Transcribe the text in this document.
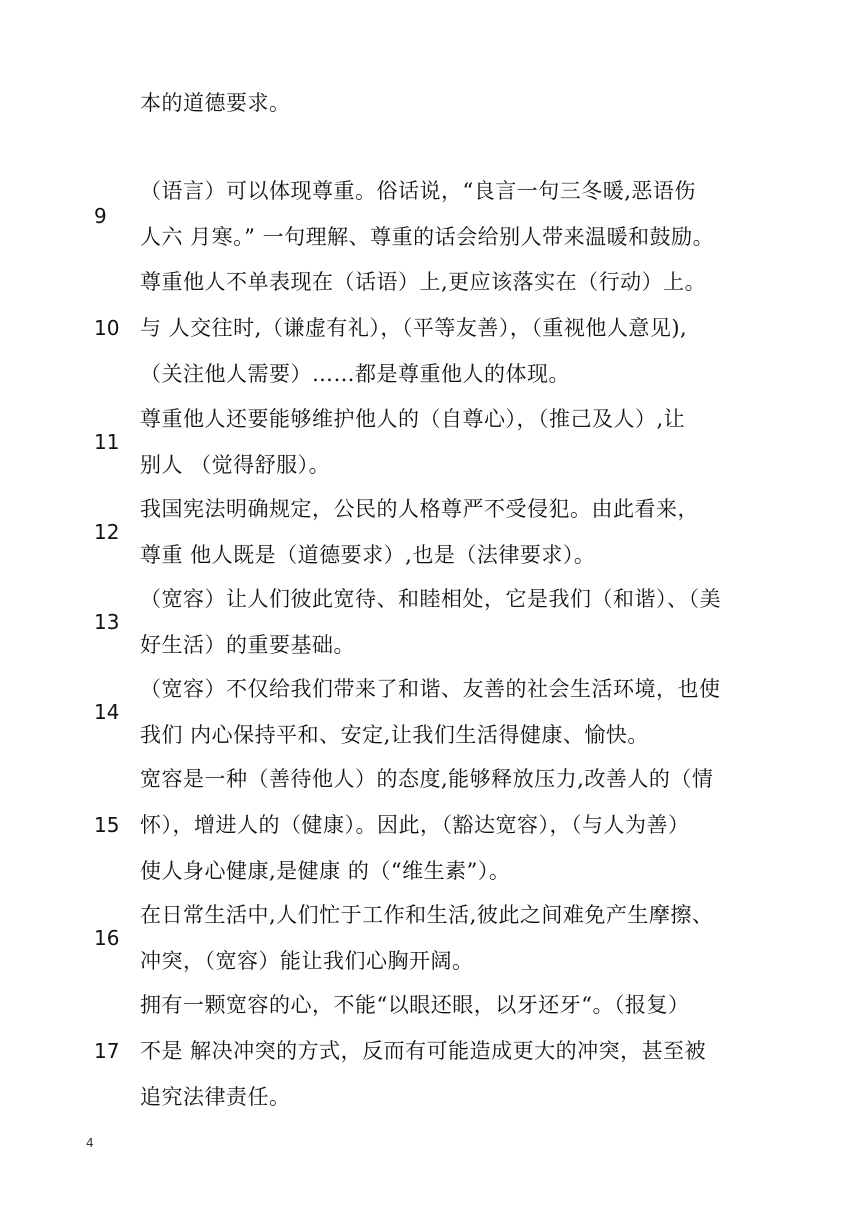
本的道德要求。
9
（语言）可以体现尊重。俗话说，“良言一句三冬暖,恶语伤
人六 月寒。” 一句理解、尊重的话会给别人带来温暖和鼓励。
10
尊重他人不单表现在（话语）上,更应该落实在（行动）上。
与 人交往时,（谦虚有礼），（平等友善），（重视他人意见),
（关注他人需要）……都是尊重他人的体现。
11
尊重他人还要能够维护他人的（自尊心），（推己及人）,让
别人 （觉得舒服）。
12
我国宪法明确规定，公民的人格尊严不受侵犯。由此看来，
尊重 他人既是（道德要求）,也是（法律要求）。
13
（宽容）让人们彼此宽待、和睦相处，它是我们（和谐）、（美
好生活）的重要基础。
14
（宽容）不仅给我们带来了和谐、友善的社会生活环境，也使
我们 内心保持平和、安定,让我们生活得健康、愉快。
15
宽容是一种（善待他人）的态度,能够释放压力,改善人的（情
怀），增进人的（健康）。因此，（豁达宽容），（与人为善）
使人身心健康,是健康 的（“维生素”）。
16
在日常生活中,人们忙于工作和生活,彼此之间难免产生摩擦、
冲突，（宽容）能让我们心胸开阔。
17
拥有一颗宽容的心，不能“以眼还眼，以牙还牙“。（报复）
不是 解决冲突的方式，反而有可能造成更大的冲突，甚至被
追究法律责任。
4
